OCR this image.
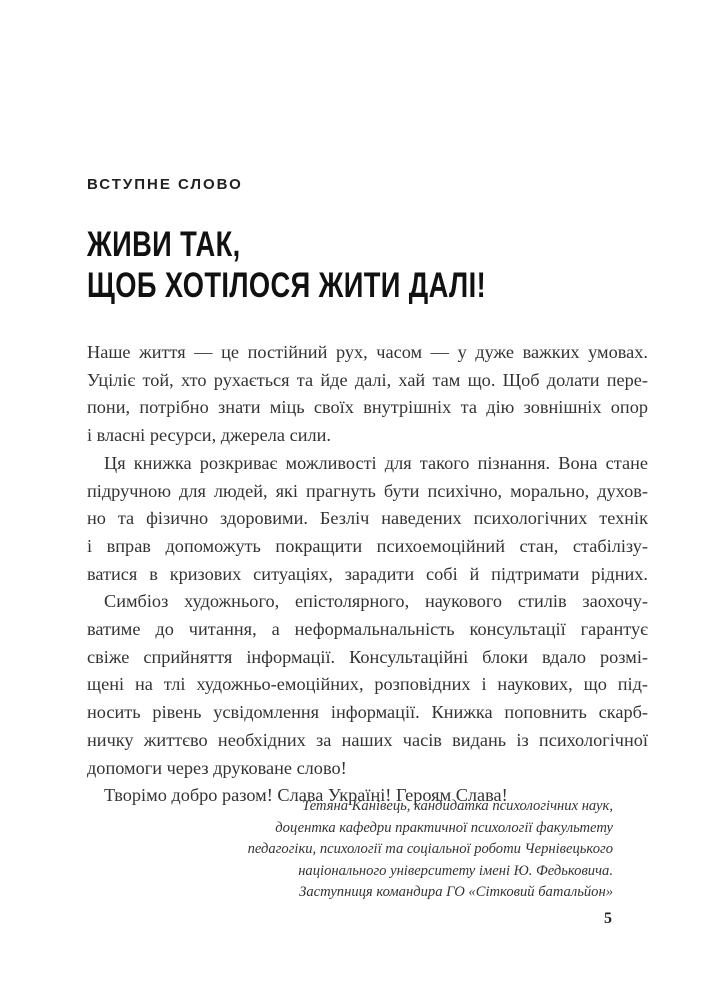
ВСТУПНЕ СЛОВО
ЖИВИ ТАК,
ЩОБ ХОТІЛОСЯ ЖИТИ ДАЛІ!
Наше життя — це постійний рух, часом — у дуже важких умовах.
Уціліє той, хто рухається та йде далі, хай там що. Щоб долати пере-
пони, потрібно знати міць своїх внутрішніх та дію зовнішніх опор
і власні ресурси, джерела сили.
Ця книжка розкриває можливості для такого пізнання. Вона стане
підручною для людей, які прагнуть бути психічно, морально, духов-
но та фізично здоровими. Безліч наведених психологічних технік
і вправ допоможуть покращити психоемоційний стан, стабілізу-
ватися в кризових ситуаціях, зарадити собі й підтримати рідних.
Симбіоз художнього, епістолярного, наукового стилів заохочу-
ватиме до читання, а неформальнальність консультації гарантує
свіже сприйняття інформації. Консультаційні блоки вдало розмі-
щені на тлі художньо-емоційних, розповідних і наукових, що під-
носить рівень усвідомлення інформації. Книжка поповнить скарб-
ничку життєво необхідних за наших часів видань із психологічної
допомоги через друковане слово!
Творімо добро разом! Слава Україні! Героям Слава!
Тетяна Канівець, кандидатка психологічних наук,
доцентка кафедри практичної психології факультету
педагогіки, психології та соціальної роботи Чернівецького
національного університету імені Ю. Федьковича.
Заступниця командира ГО «Сітковий батальйон»
5
